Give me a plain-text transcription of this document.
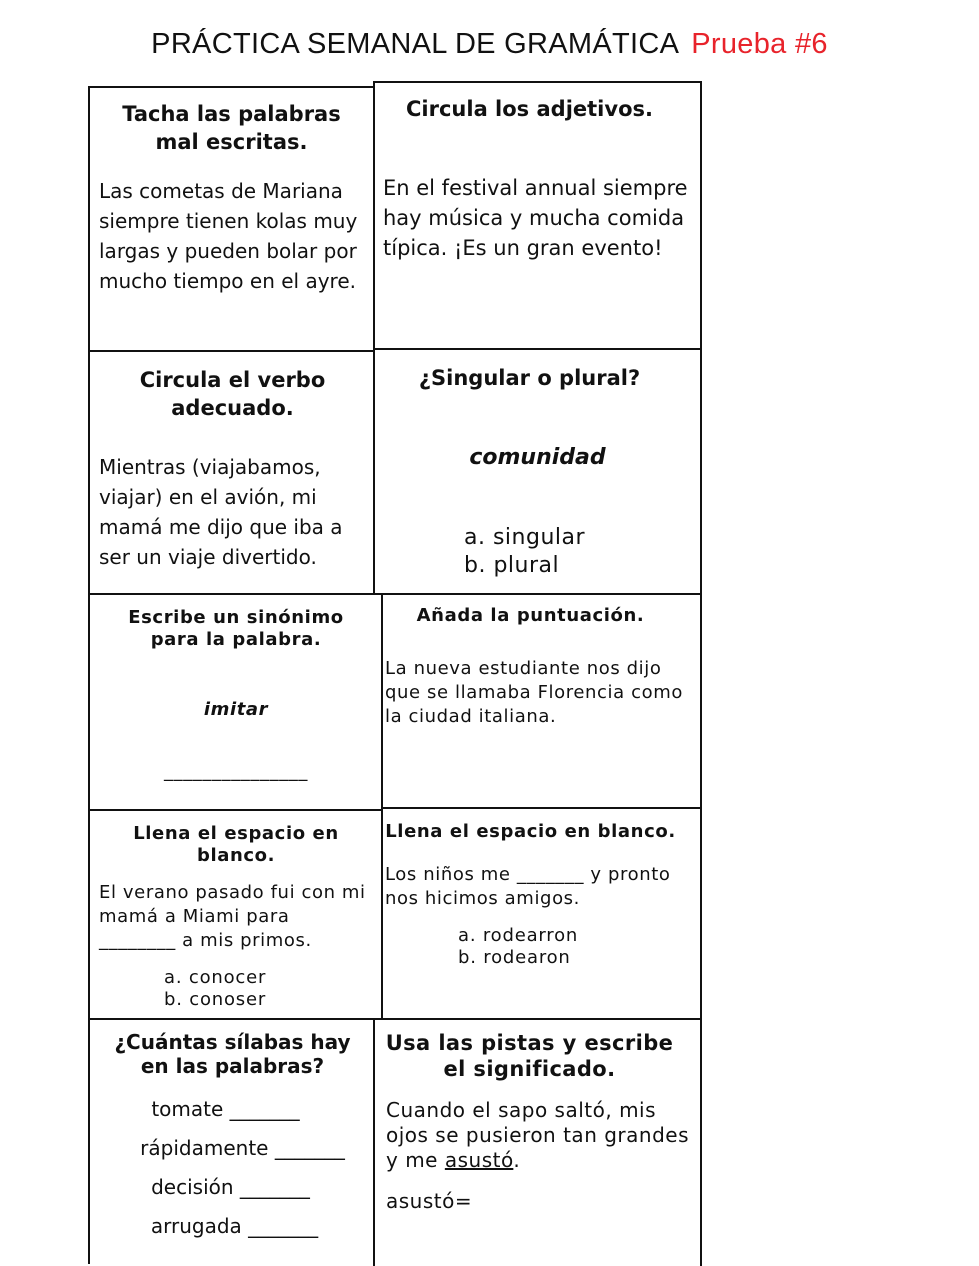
PRÁCTICA SEMANAL DE GRAMÁTICA Prueba #6
Tacha las palabras mal escritas.
Las cometas de Mariana siempre tienen kolas muy largas y pueden bolar por mucho tiempo en el ayre.
Circula los adjetivos.
En el festival annual siempre hay música y mucha comida típica. ¡Es un gran evento!
Circula el verbo adecuado.
Mientras (viajabamos, viajar) en el avión, mi mamá me dijo que iba a ser un viaje divertido.
¿Singular o plural?
comunidad
a. singular
b. plural
Escribe un sinónimo para la palabra.
imitar
_______________
Añada la puntuación.
La nueva estudiante nos dijo que se llamaba Florencia como la ciudad italiana.
Llena el espacio en blanco.
El verano pasado fui con mi mamá a Miami para
________ a mis primos.
a. conocer
b. conoser
Llena el espacio en blanco.
Los niños me _______ y pronto nos hicimos amigos.
a. rodearron
b. rodearon
¿Cuántas sílabas hay en las palabras?
tomate _______
rápidamente _______
decisión _______
arrugada _______
Usa las pistas y escribe el significado.
Cuando el sapo saltó, mis ojos se pusieron tan grandes y me asustó.
asustó=
